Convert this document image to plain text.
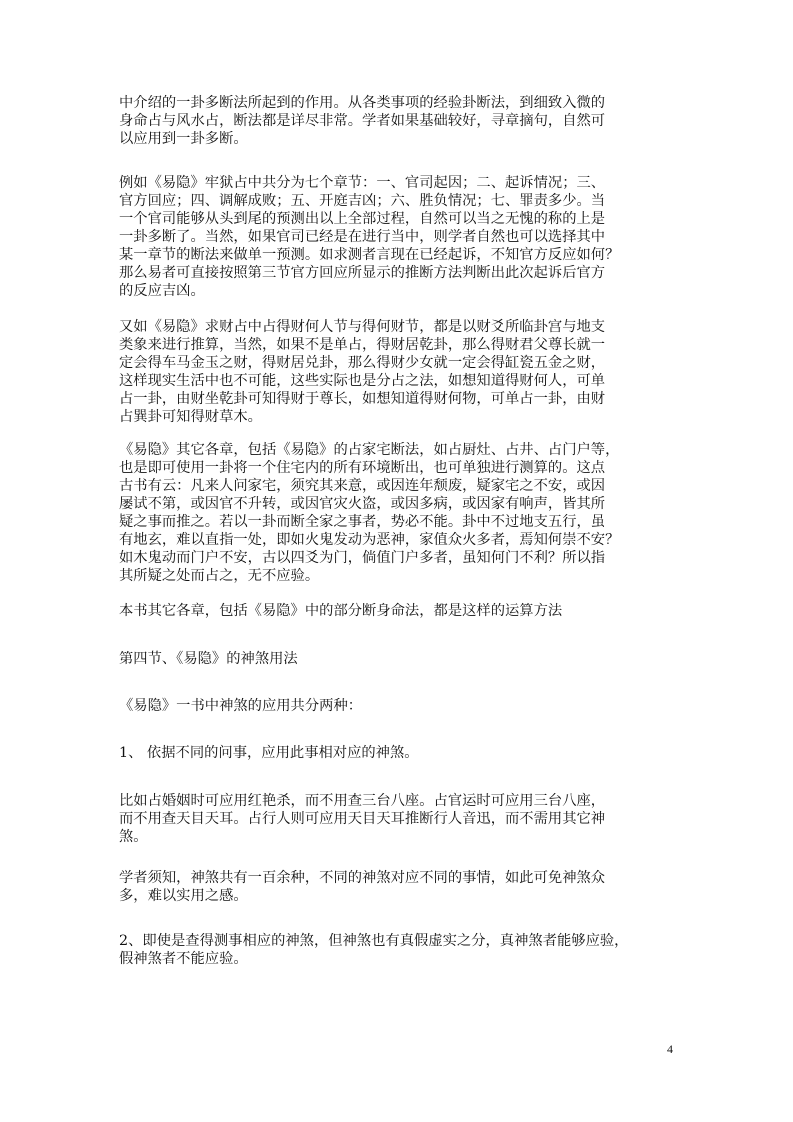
中介绍的一卦多断法所起到的作用。从各类事项的经验卦断法，到细致入微的
身命占与风水占，断法都是详尽非常。学者如果基础较好，寻章摘句，自然可
以应用到一卦多断。

例如《易隐》牢狱占中共分为七个章节：一、官司起因；二、起诉情况；三、
官方回应；四、调解成败；五、开庭吉凶；六、胜负情况；七、罪责多少。当
一个官司能够从头到尾的预测出以上全部过程，自然可以当之无愧的称的上是
一卦多断了。当然，如果官司已经是在进行当中，则学者自然也可以选择其中
某一章节的断法来做单一预测。如求测者言现在已经起诉，不知官方反应如何？
那么易者可直接按照第三节官方回应所显示的推断方法判断出此次起诉后官方
的反应吉凶。

又如《易隐》求财占中占得财何人节与得何财节，都是以财爻所临卦宫与地支
类象来进行推算，当然，如果不是单占，得财居乾卦，那么得财君父尊长就一
定会得车马金玉之财，得财居兑卦，那么得财少女就一定会得缸瓷五金之财，
这样现实生活中也不可能，这些实际也是分占之法，如想知道得财何人，可单
占一卦，由财坐乾卦可知得财于尊长，如想知道得财何物，可单占一卦，由财
占巽卦可知得财草木。

《易隐》其它各章，包括《易隐》的占家宅断法，如占厨灶、占井、占门户等，
也是即可使用一卦将一个住宅内的所有环境断出，也可单独进行测算的。这点
古书有云：凡来人问家宅，须究其来意，或因连年颓废，疑家宅之不安，或因
屡试不第，或因官不升转，或因官灾火盗，或因多病，或因家有响声，皆其所
疑之事而推之。若以一卦而断全家之事者，势必不能。卦中不过地支五行，虽
有地玄，难以直指一处，即如火鬼发动为恶神，家值众火多者，焉知何崇不安？
如木鬼动而门户不安，古以四爻为门，倘值门户多者，虽知何门不利？所以指
其所疑之处而占之，无不应验。

本书其它各章，包括《易隐》中的部分断身命法，都是这样的运算方法

第四节、《易隐》的神煞用法

《易隐》一书中神煞的应用共分两种：

1、 依据不同的问事，应用此事相对应的神煞。

比如占婚姻时可应用红艳杀，而不用查三台八座。占官运时可应用三台八座，
而不用查天目天耳。占行人则可应用天目天耳推断行人音迅，而不需用其它神
煞。

学者须知，神煞共有一百余种，不同的神煞对应不同的事情，如此可免神煞众
多，难以实用之感。

2、即使是查得测事相应的神煞，但神煞也有真假虚实之分，真神煞者能够应验，
假神煞者不能应验。

4
